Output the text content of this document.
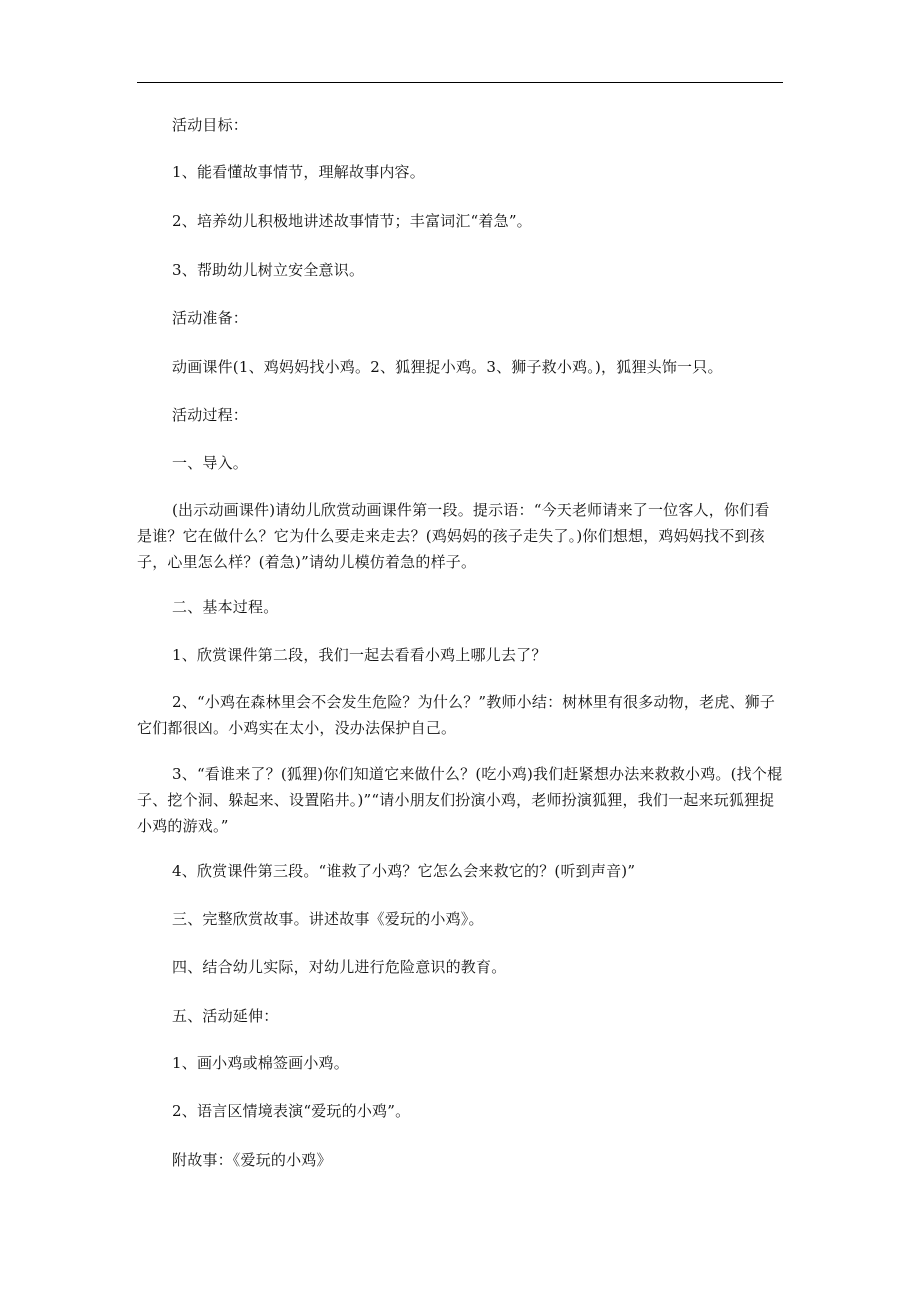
活动目标：
1、能看懂故事情节，理解故事内容。
2、培养幼儿积极地讲述故事情节；丰富词汇“着急”。
3、帮助幼儿树立安全意识。
活动准备：
动画课件(1、鸡妈妈找小鸡。2、狐狸捉小鸡。3、狮子救小鸡。)，狐狸头饰一只。
活动过程：
一、导入。
(出示动画课件)请幼儿欣赏动画课件第一段。提示语：“今天老师请来了一位客人，你们看是谁？它在做什么？它为什么要走来走去？(鸡妈妈的孩子走失了。)你们想想，鸡妈妈找不到孩子，心里怎么样？(着急)”请幼儿模仿着急的样子。
二、基本过程。
1、欣赏课件第二段，我们一起去看看小鸡上哪儿去了？
2、“小鸡在森林里会不会发生危险？为什么？”教师小结：树林里有很多动物，老虎、狮子它们都很凶。小鸡实在太小，没办法保护自己。
3、“看谁来了？(狐狸)你们知道它来做什么？(吃小鸡)我们赶紧想办法来救救小鸡。(找个棍子、挖个洞、躲起来、设置陷井。)”“请小朋友们扮演小鸡，老师扮演狐狸，我们一起来玩狐狸捉小鸡的游戏。”
4、欣赏课件第三段。“谁救了小鸡？它怎么会来救它的？(听到声音)”
三、完整欣赏故事。讲述故事《爱玩的小鸡》。
四、结合幼儿实际，对幼儿进行危险意识的教育。
五、活动延伸：
1、画小鸡或棉签画小鸡。
2、语言区情境表演“爱玩的小鸡”。
附故事：《爱玩的小鸡》
